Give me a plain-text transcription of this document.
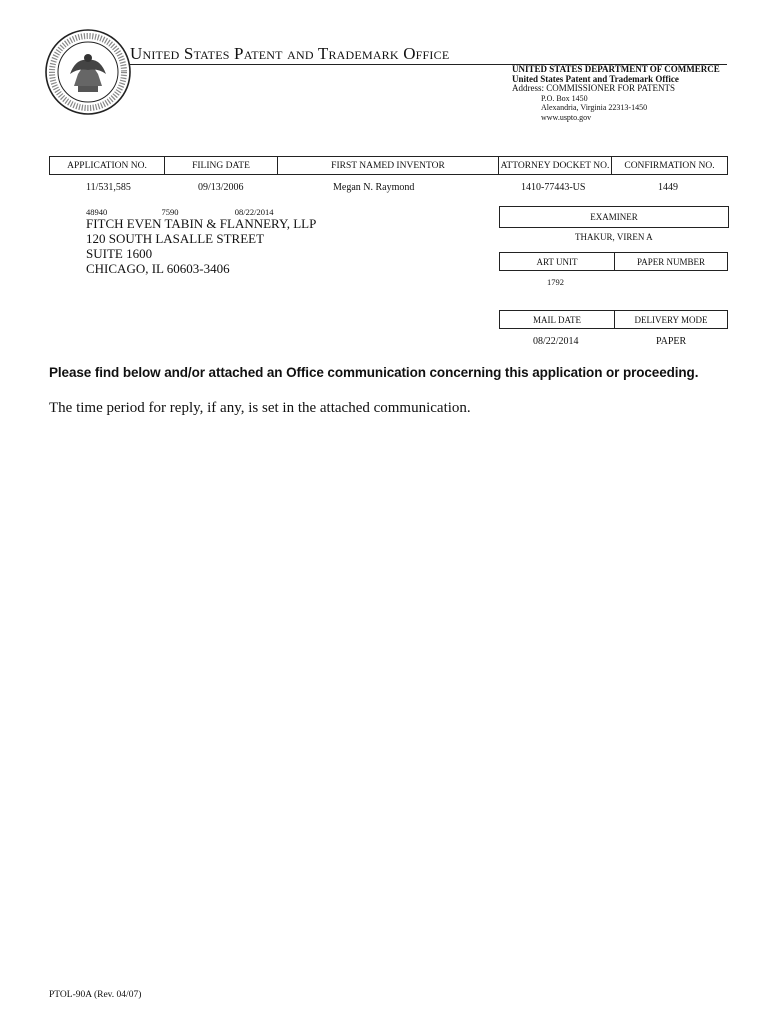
United States Patent and Trademark Office
UNITED STATES DEPARTMENT OF COMMERCE
United States Patent and Trademark Office
Address: COMMISSIONER FOR PATENTS
P.O. Box 1450
Alexandria, Virginia 22313-1450
www.uspto.gov
APPLICATION NO.	FILING DATE	FIRST NAMED INVENTOR	ATTORNEY DOCKET NO.	CONFIRMATION NO.
11/531,585	09/13/2006	Megan N. Raymond	1410-77443-US	1449
48940	7590	08/22/2014
FITCH EVEN TABIN & FLANNERY, LLP
120 SOUTH LASALLE STREET
SUITE 1600
CHICAGO, IL 60603-3406
EXAMINER
THAKUR, VIREN A
ART UNIT	PAPER NUMBER
1792
MAIL DATE	DELIVERY MODE
08/22/2014	PAPER
Please find below and/or attached an Office communication concerning this application or proceeding.
The time period for reply, if any, is set in the attached communication.
PTOL-90A (Rev. 04/07)
